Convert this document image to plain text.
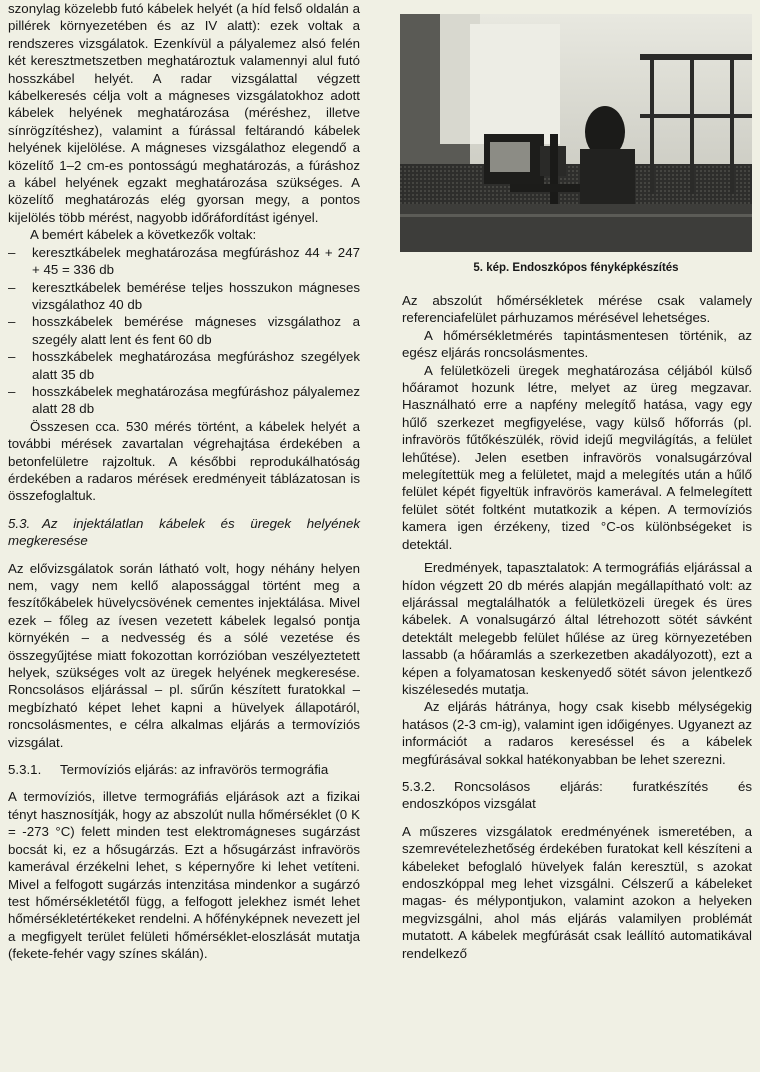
szonylag közelebb futó kábelek helyét (a híd felső oldalán a pillérek környezetében és az IV alatt): ezek voltak a rendszeres vizsgálatok. Ezenkívül a pályalemez alsó felén két keresztmetszetben meghatároztuk valamennyi alul futó hosszkábel helyét. A radar vizsgálattal végzett kábelkeresés célja volt a mágneses vizsgálatokhoz adott kábelek helyének meghatározása (méréshez, illetve sínrögzítéshez), valamint a fúrással feltárandó kábelek helyének kijelölése. A mágneses vizsgálathoz elegendő a közelítő 1–2 cm-es pontosságú meghatározás, a fúráshoz a kábel helyének egzakt meghatározása szükséges. A közelítő meghatározás elég gyorsan megy, a pontos kijelölés több mérést, nagyobb időráfordítást igényel.

A bemért kábelek a következők voltak:

–	keresztkábelek meghatározása megfúráshoz 44 + 247 + 45 = 336 db
–	keresztkábelek bemérése teljes hosszukon mágneses vizsgálathoz 40 db
–	hosszkábelek bemérése mágneses vizsgálathoz a szegély alatt lent és fent 60 db
–	hosszkábelek meghatározása megfúráshoz szegélyek alatt 35 db
–	hosszkábelek meghatározása megfúráshoz pályalemez alatt 28 db

Összesen cca. 530 mérés történt, a kábelek helyét a további mérések zavartalan végrehajtása érdekében a betonfelületre rajzoltuk. A későbbi reprodukálhatóság érdekében a radaros mérések eredményeit táblázatosan is összefoglaltuk.

5.3. Az injektálatlan kábelek és üregek helyének megkeresése

Az elővizsgálatok során látható volt, hogy néhány helyen nem, vagy nem kellő alapossággal történt meg a feszítőkábelek hüvelycsövének cementes injektálása. Mivel ezek – főleg az ívesen vezetett kábelek legalsó pontja környékén – a nedvesség és a sólé vezetése és összegyűjtése miatt fokozottan korrózióban veszélyeztetett helyek, szükséges volt az üregek helyének megkeresése. Roncsolásos eljárással – pl. sűrűn készített furatokkal – megbízható képet lehet kapni a hüvelyek állapotáról, roncsolásmentes, e célra alkalmas eljárás a termovíziós vizsgálat.

5.3.1. Termovíziós eljárás: az infravörös termográfia

A termovíziós, illetve termográfiás eljárások azt a fizikai tényt hasznosítják, hogy az abszolút nulla hőmérséklet (0 K = -273 °C) felett minden test elektromágneses sugárzást bocsát ki, ez a hősugárzás. Ezt a hősugárzást infravörös kamerával érzékelni lehet, s képernyőre ki lehet vetíteni. Mivel a felfogott sugárzás intenzitása mindenkor a sugárzó test hőmérsékletétől függ, a felfogott jelekhez ismét lehet hőmérsékletértékeket rendelni. A hőfényképnek nevezett jel a megfigyelt terület felületi hőmérséklet-eloszlását mutatja (fekete-fehér vagy színes skálán).

5. kép. Endoszkópos fényképkészítés

Az abszolút hőmérsékletek mérése csak valamely referenciafelület párhuzamos mérésével lehetséges.

A hőmérsékletmérés tapintásmentesen történik, az egész eljárás roncsolásmentes.

A felületközeli üregek meghatározása céljából külső hőáramot hozunk létre, melyet az üreg megzavar. Használható erre a napfény melegítő hatása, vagy egy hűlő szerkezet megfigyelése, vagy külső hőforrás (pl. infravörös fűtőkészülék, rövid idejű megvilágítás, a felület lehűtése). Jelen esetben infravörös vonalsugárzóval melegítettük meg a felületet, majd a melegítés után a hűlő felület képét figyeltük infravörös kamerával. A felmelegített felület sötét foltként mutatkozik a képen. A termovíziós kamera igen érzékeny, tized °C-os különbségeket is detektál.

Eredmények, tapasztalatok: A termográfiás eljárással a hídon végzett 20 db mérés alapján megállapítható volt: az eljárással megtalálhatók a felületközeli üregek és üres kábelek. A vonalsugárzó által létrehozott sötét sávként detektált melegebb felület hűlése az üreg környezetében lassabb (a hőáramlás a szerkezetben akadályozott), ezt a képen a folyamatosan keskenyedő sötét sávon jelentkező kiszélesedés mutatja.

Az eljárás hátránya, hogy csak kisebb mélységekig hatásos (2-3 cm-ig), valamint igen időigényes. Ugyanezt az információt a radaros kereséssel és a kábelek megfúrásával sokkal hatékonyabban be lehet szerezni.

5.3.2. Roncsolásos eljárás: furatkészítés és endoszkópos vizsgálat

A műszeres vizsgálatok eredményének ismeretében, a szemrevételezhetőség érdekében furatokat kell készíteni a kábeleket befoglaló hüvelyek falán keresztül, s azokat endoszkóppal meg lehet vizsgálni. Célszerű a kábeleket magas- és mélypontjukon, valamint azokon a helyeken megvizsgálni, ahol más eljárás valamilyen problémát mutatott. A kábelek megfúrását csak leállító automatikával rendelkező
